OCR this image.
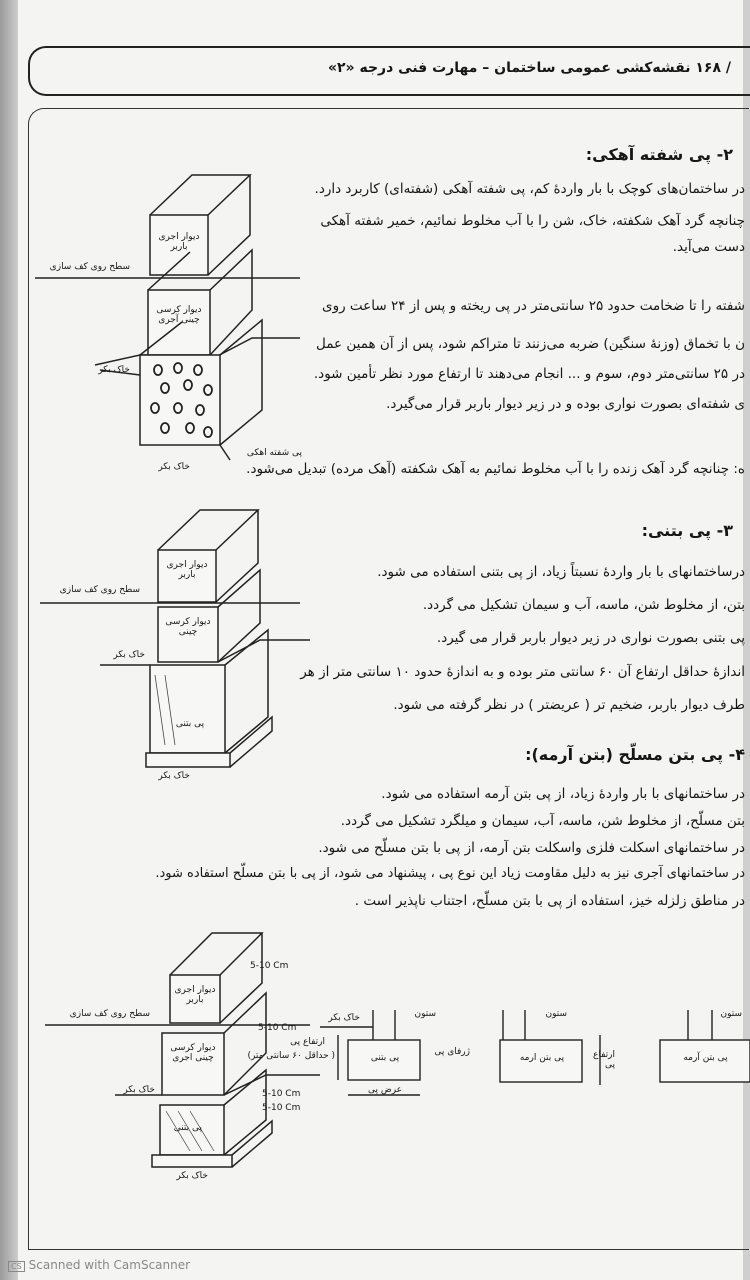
/ ۱۶۸ نقشه‌کشی عمومی ساختمان – مهارت فنی درجه «۲»
۲- پی شفته آهکی:
در ساختمان‌های کوچک با بار واردهٔ کم، پی شفته آهکی (شفته‌ای) کاربرد دارد.
چنانچه گرد آهک شکفته، خاک، شن را با آب مخلوط نمائیم، خمیر شفته آهکی
دست می‌آید.
شفته را تا ضخامت حدود ۲۵ سانتی‌متر در پی ریخته و پس از ۲۴ ساعت روی
ن با تخماق (وزنهٔ سنگین) ضربه می‌زنند تا متراکم شود، پس از آن همین عمل
در ۲۵ سانتی‌متر دوم، سوم و ... انجام می‌دهند تا ارتفاع مورد نظر تأمین شود.
ی شفته‌ای بصورت نواری بوده و در زیر دیوار باربر قرار می‌گیرد.
ه: چنانچه گرد آهک زنده را با آب مخلوط نمائیم به آهک شکفته (آهک مرده) تبدیل می‌شود.
۳- پی بتنی:
درساختمانهای با بار واردهٔ نسبتاً زیاد، از پی بتنی استفاده می شود.
بتن، از مخلوط شن، ماسه، آب و سیمان تشکیل می گردد.
پی بتنی بصورت نواری در زیر دیوار باربر قرار می گیرد.
اندازهٔ حداقل ارتفاع آن ۶۰ سانتی متر بوده و به اندازهٔ حدود ۱۰ سانتی متر از هر
طرف دیوار باربر، ضخیم تر ( عریضتر ) در نظر گرفته می شود.
۴- پی بتن مسلّح (بتن آرمه):
در ساختمانهای با بار واردهٔ زیاد، از پی بتن آرمه استفاده می شود.
بتن مسلّح، از مخلوط شن، ماسه، آب، سیمان و میلگرد تشکیل می گردد.
در ساختمانهای اسکلت فلزی واسکلت بتن آرمه، از پی با بتن مسلّح می شود.
در ساختمانهای آجری نیز به دلیل مقاومت زیاد این نوع پی ، پیشنهاد می شود، از پی با بتن مسلّح استفاده شود.
در مناطق زلزله خیز، استفاده از پی با بتن مسلّح، اجتناب ناپذیر است .
دیوار اجری باربر
سطح روی کف سازی
دیوار کرسی چینی آجری
خاک بکر
پی شفته اهکی
خاک بکر
دیوار اجری باربر
سطح روی کف سازی
دیوار کرسی چینی
خاک بکر
پی بتنی
خاک بکر
دیوار اجری باربر
سطح روی کف سازی
دیوار کرسی چینی اجری
خاک بکر
پی بتنی
خاک بکر
5-10 Cm
5-10 Cm
5-10 Cm
5-10 Cm
ارتفاع پی
( حداقل ۶۰ سانتی متر)
ستون
خاک بکر
پی بتنی
ژرفای پی
عرض پی
ستون
پی بتن ارمه	ارتفاع پی
ستون
پی بتن آرمه
CS Scanned with CamScanner
